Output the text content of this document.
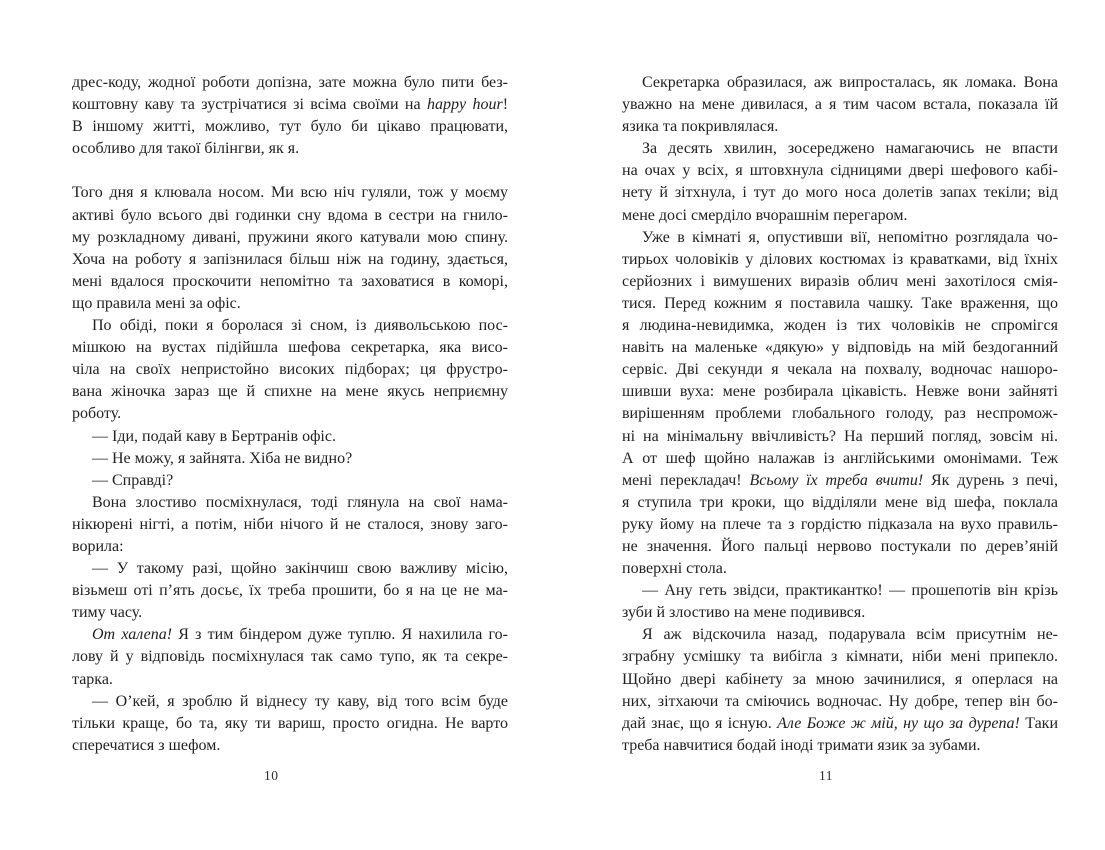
дрес-коду, жодної роботи допізна, зате можна було пити без-
коштовну каву та зустрічатися зі всіма своїми на happy hour!
В іншому житті, можливо, тут було би цікаво працювати,
особливо для такої білінгви, як я.
Того дня я клювала носом. Ми всю ніч гуляли, тож у моєму
активі було всього дві годинки сну вдома в сестри на гнило-
му розкладному дивані, пружини якого катували мою спину.
Хоча на роботу я запізнилася більш ніж на годину, здається,
мені вдалося проскочити непомітно та заховатися в коморі,
що правила мені за офіс.
По обіді, поки я боролася зі сном, із диявольською пос-
мішкою на вустах підійшла шефова секретарка, яка висо-
чіла на своїх непристойно високих підборах; ця фрустро-
вана жіночка зараз ще й спихне на мене якусь неприємну
роботу.
— Іди, подай каву в Бертранів офіс.
— Не можу, я зайнята. Хіба не видно?
— Справді?
Вона злостиво посміхнулася, тоді глянула на свої нама-
нікюрені нігті, а потім, ніби нічого й не сталося, знову заго-
ворила:
— У такому разі, щойно закінчиш свою важливу місію,
візьмеш оті п’ять досьє, їх треба прошити, бо я на це не ма-
тиму часу.
От халепа! Я з тим біндером дуже туплю. Я нахилила го-
лову й у відповідь посміхнулася так само тупо, як та секре-
тарка.
— О’кей, я зроблю й віднесу ту каву, від того всім буде
тільки краще, бо та, яку ти вариш, просто огидна. Не варто
сперечатися з шефом.
Секретарка образилася, аж випросталась, як ломака. Вона
уважно на мене дивилася, а я тим часом встала, показала їй
язика та покривлялася.
За десять хвилин, зосереджено намагаючись не впасти
на очах у всіх, я штовхнула сідницями двері шефового кабі-
нету й зітхнула, і тут до мого носа долетів запах текіли; від
мене досі смерділо вчорашнім перегаром.
Уже в кімнаті я, опустивши вії, непомітно розглядала чо-
тирьох чоловіків у ділових костюмах із краватками, від їхніх
серйозних і вимушених виразів облич мені захотілося смія-
тися. Перед кожним я поставила чашку. Таке враження, що
я людина-невидимка, жоден із тих чоловіків не спромігся
навіть на маленьке «дякую» у відповідь на мій бездоганний
сервіс. Дві секунди я чекала на похвалу, водночас нашоро-
шивши вуха: мене розбирала цікавість. Невже вони зайняті
вирішенням проблеми глобального голоду, раз неспромож-
ні на мінімальну ввічливість? На перший погляд, зовсім ні.
А от шеф щойно налажав із англійськими омонімами. Теж
мені перекладач! Всьому їх треба вчити! Як дурень з печі,
я ступила три кроки, що відділяли мене від шефа, поклала
руку йому на плече та з гордістю підказала на вухо правиль-
не значення. Його пальці нервово постукали по дерев’яній
поверхні стола.
— Ану геть звідси, практикантко! — прошепотів він крізь
зуби й злостиво на мене подивився.
Я аж відскочила назад, подарувала всім присутнім не-
зграбну усмішку та вибігла з кімнати, ніби мені припекло.
Щойно двері кабінету за мною зачинилися, я оперлася на
них, зітхаючи та сміючись водночас. Ну добре, тепер він бо-
дай знає, що я існую. Але Боже ж мій, ну що за дурепа! Таки
треба навчитися бодай іноді тримати язик за зубами.
10	11
